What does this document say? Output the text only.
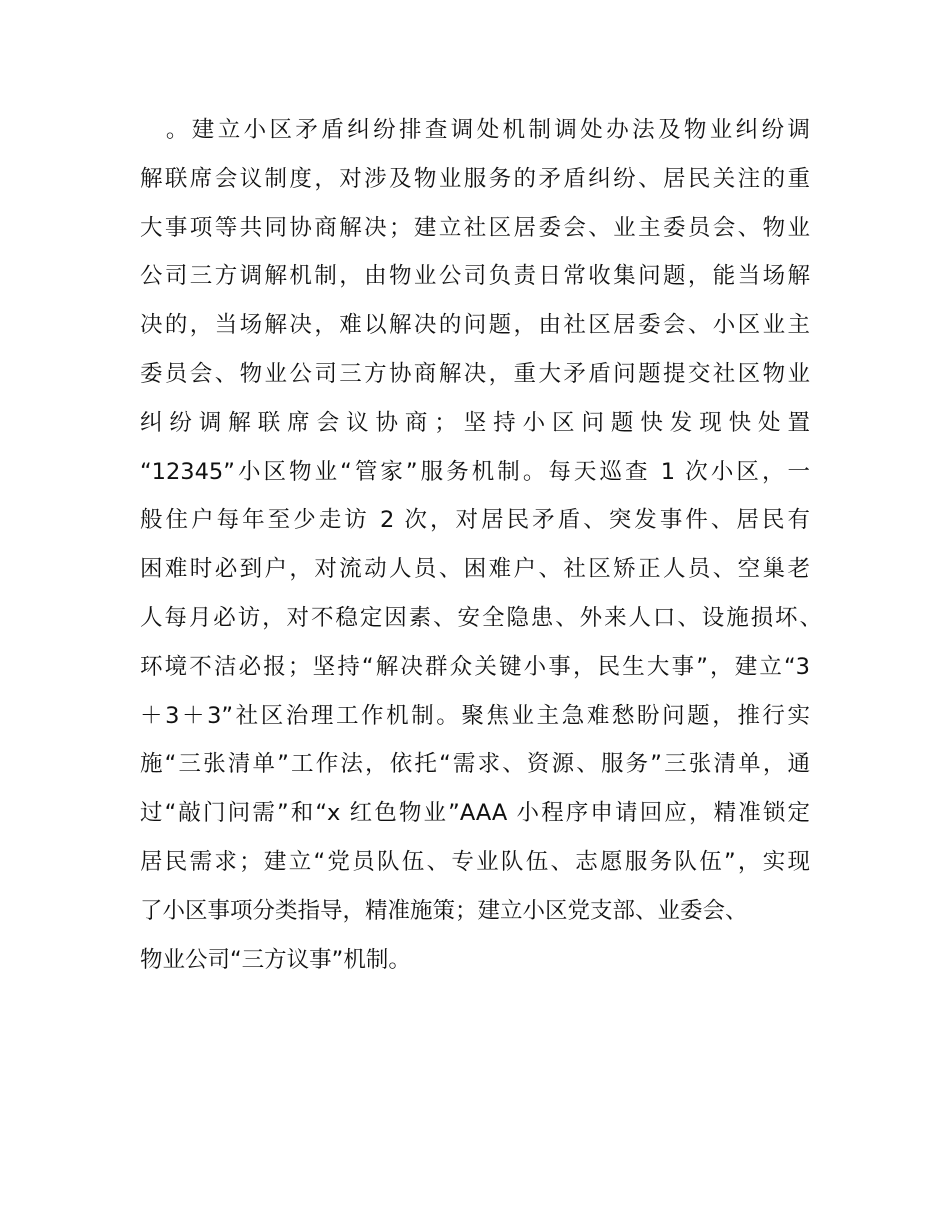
　。建立小区矛盾纠纷排查调处机制调处办法及物业纠纷调
解联席会议制度，对涉及物业服务的矛盾纠纷、居民关注的重
大事项等共同协商解决；建立社区居委会、业主委员会、物业
公司三方调解机制，由物业公司负责日常收集问题，能当场解
决的，当场解决，难以解决的问题，由社区居委会、小区业主
委员会、物业公司三方协商解决，重大矛盾问题提交社区物业
纠纷调解联席会议协商；坚持小区问题快发现快处置
“12345”小区物业“管家”服务机制。每天巡查 1 次小区，一
般住户每年至少走访 2 次，对居民矛盾、突发事件、居民有
困难时必到户，对流动人员、困难户、社区矫正人员、空巢老
人每月必访，对不稳定因素、安全隐患、外来人口、设施损坏、
环境不洁必报；坚持“解决群众关键小事，民生大事”，建立“3
＋3＋3”社区治理工作机制。聚焦业主急难愁盼问题，推行实
施“三张清单”工作法，依托“需求、资源、服务”三张清单，通
过“敲门问需”和“x 红色物业”AAA 小程序申请回应，精准锁定
居民需求；建立“党员队伍、专业队伍、志愿服务队伍”，实现
了小区事项分类指导，精准施策；建立小区党支部、业委会、
物业公司“三方议事”机制。
